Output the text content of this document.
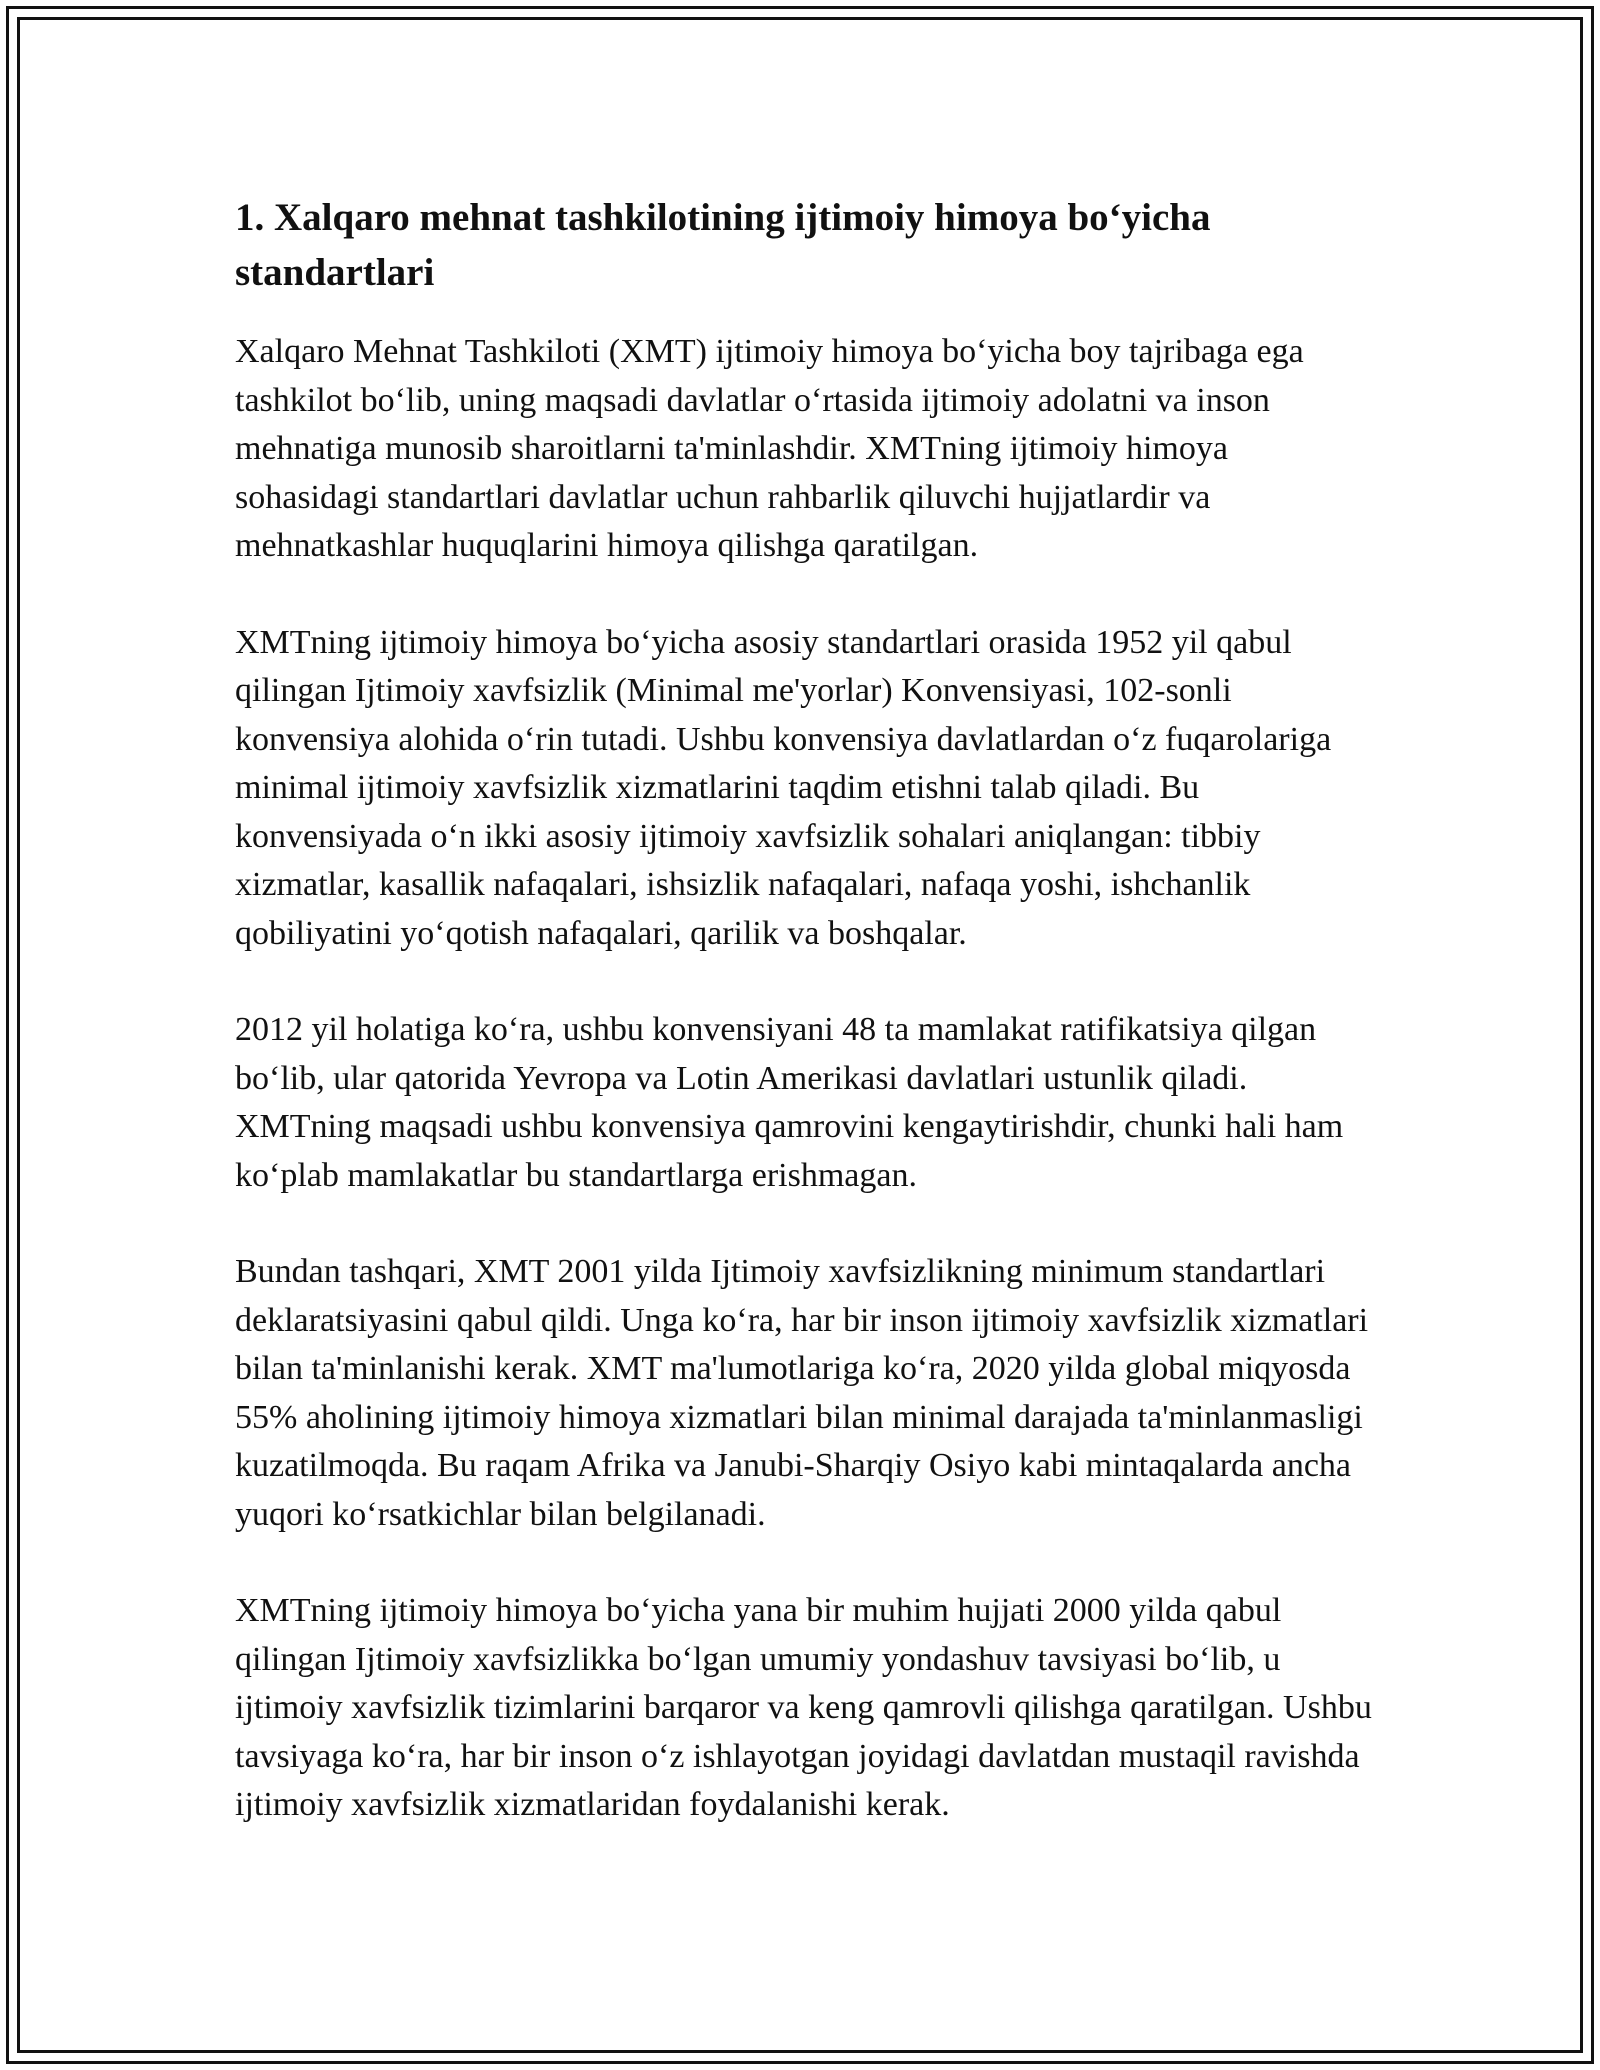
1. Xalqaro mehnat tashkilotining ijtimoiy himoya bo‘yicha standartlari

Xalqaro Mehnat Tashkiloti (XMT) ijtimoiy himoya bo‘yicha boy tajribaga ega tashkilot bo‘lib, uning maqsadi davlatlar o‘rtasida ijtimoiy adolatni va inson mehnatiga munosib sharoitlarni ta'minlashdir. XMTning ijtimoiy himoya sohasidagi standartlari davlatlar uchun rahbarlik qiluvchi hujjatlardir va mehnatkashlar huquqlarini himoya qilishga qaratilgan.

XMTning ijtimoiy himoya bo‘yicha asosiy standartlari orasida 1952 yil qabul qilingan Ijtimoiy xavfsizlik (Minimal me'yorlar) Konvensiyasi, 102-sonli konvensiya alohida o‘rin tutadi. Ushbu konvensiya davlatlardan o‘z fuqarolariga minimal ijtimoiy xavfsizlik xizmatlarini taqdim etishni talab qiladi. Bu konvensiyada o‘n ikki asosiy ijtimoiy xavfsizlik sohalari aniqlangan: tibbiy xizmatlar, kasallik nafaqalari, ishsizlik nafaqalari, nafaqa yoshi, ishchanlik qobiliyatini yo‘qotish nafaqalari, qarilik va boshqalar.

2012 yil holatiga ko‘ra, ushbu konvensiyani 48 ta mamlakat ratifikatsiya qilgan bo‘lib, ular qatorida Yevropa va Lotin Amerikasi davlatlari ustunlik qiladi. XMTning maqsadi ushbu konvensiya qamrovini kengaytirishdir, chunki hali ham ko‘plab mamlakatlar bu standartlarga erishmagan.

Bundan tashqari, XMT 2001 yilda Ijtimoiy xavfsizlikning minimum standartlari deklaratsiyasini qabul qildi. Unga ko‘ra, har bir inson ijtimoiy xavfsizlik xizmatlari bilan ta'minlanishi kerak. XMT ma'lumotlariga ko‘ra, 2020 yilda global miqyosda 55% aholining ijtimoiy himoya xizmatlari bilan minimal darajada ta'minlanmasligi kuzatilmoqda. Bu raqam Afrika va Janubi-Sharqiy Osiyo kabi mintaqalarda ancha yuqori ko‘rsatkichlar bilan belgilanadi.

XMTning ijtimoiy himoya bo‘yicha yana bir muhim hujjati 2000 yilda qabul qilingan Ijtimoiy xavfsizlikka bo‘lgan umumiy yondashuv tavsiyasi bo‘lib, u ijtimoiy xavfsizlik tizimlarini barqaror va keng qamrovli qilishga qaratilgan. Ushbu tavsiyaga ko‘ra, har bir inson o‘z ishlayotgan joyidagi davlatdan mustaqil ravishda ijtimoiy xavfsizlik xizmatlaridan foydalanishi kerak.
